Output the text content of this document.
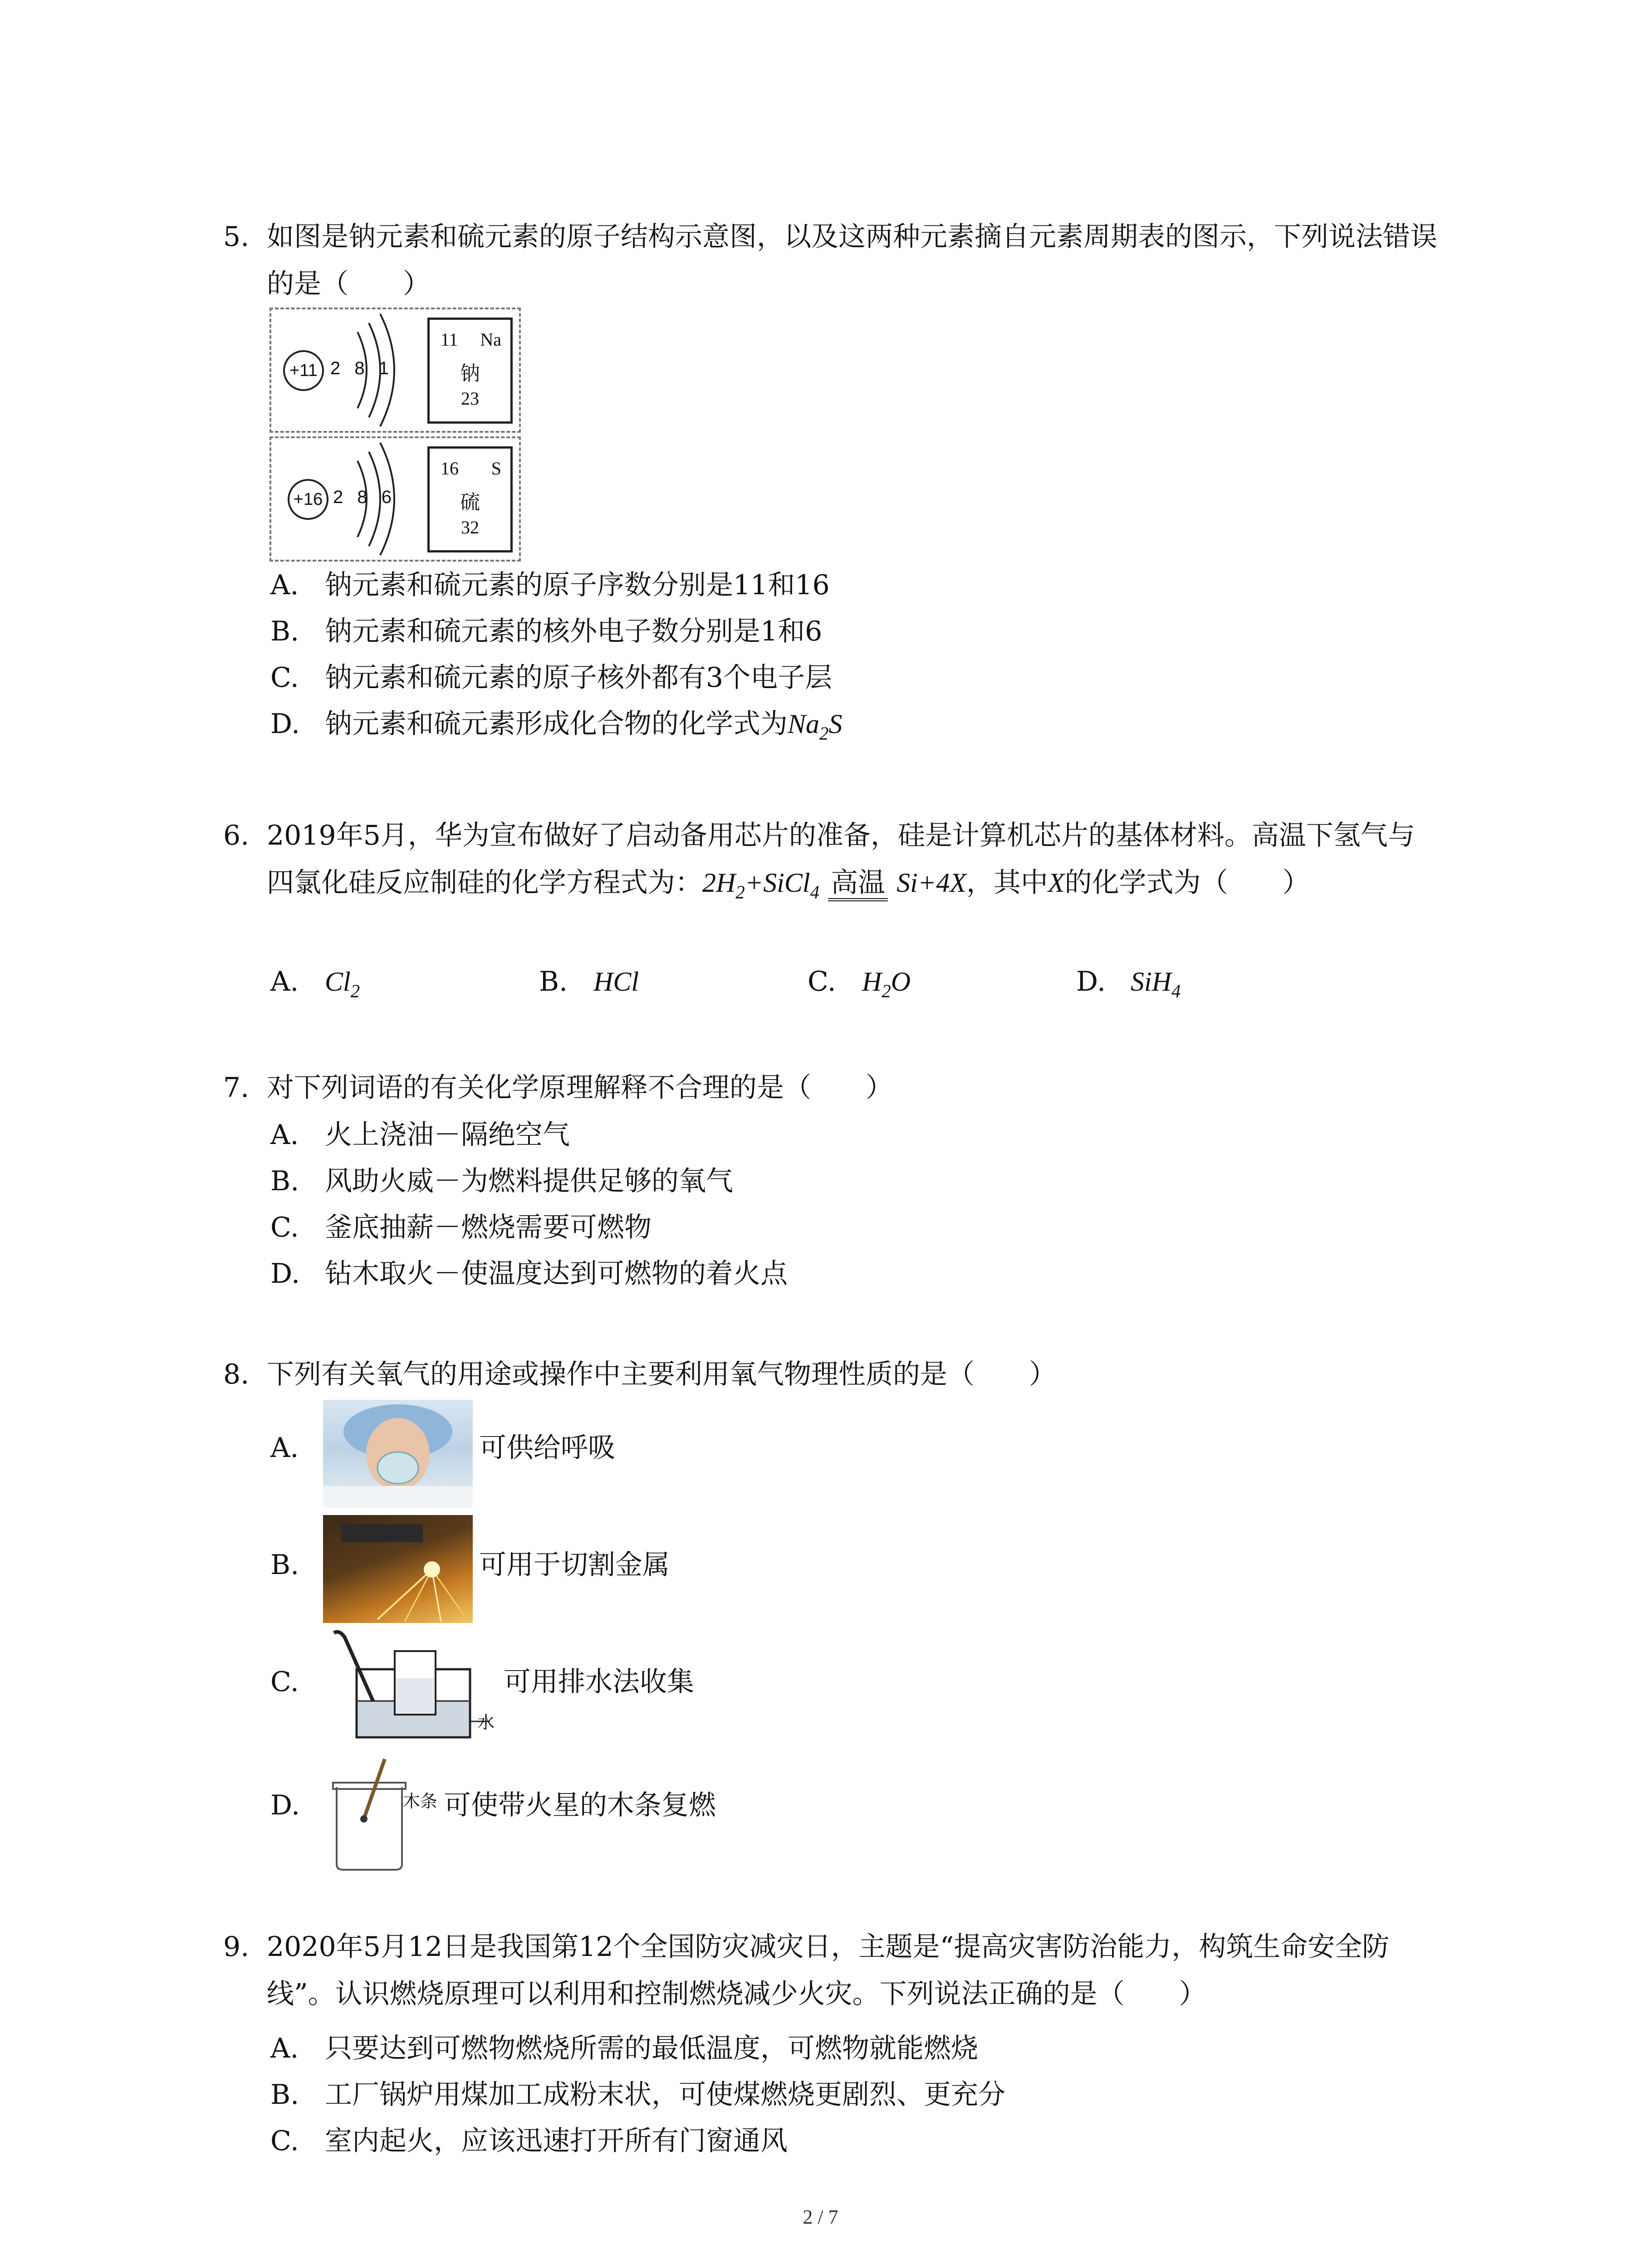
5. 如图是钠元素和硫元素的原子结构示意图，以及这两种元素摘自元素周期表的图示，下列说法错误的是（　　）
+11 2 8 1
11 Na
钠
23
+16 2 8 6
16 S
硫
32
A. 钠元素和硫元素的原子序数分别是11和16
B. 钠元素和硫元素的核外电子数分别是1和6
C. 钠元素和硫元素的原子核外都有3个电子层
D. 钠元素和硫元素形成化合物的化学式为 $Na_2S$
6. 2019年5月，华为宣布做好了启动备用芯片的准备，硅是计算机芯片的基体材料。高温下氢气与四氯化硅反应制硅的化学方程式为：$2H_2+SiCl_4$ 高温 Si+4X，其中X的化学式为（　　）
A. $Cl_2$	B. HCl	C. $H_2O$	D. SiH$_4$
7. 对下列词语的有关化学原理解释不合理的是（　　）
A. 火上浇油－隔绝空气
B. 风助火威－为燃料提供足够的氧气
C. 釜底抽薪－燃烧需要可燃物
D. 钻木取火－使温度达到可燃物的着火点
8. 下列有关氧气的用途或操作中主要利用氧气物理性质的是（　　）
A.	可供给呼吸
B.	可用于切割金属
C.
水
可用排水法收集
D.	木条 可使带火星的木条复燃
9. 2020年5月12日是我国第12个全国防灾减灾日，主题是“提高灾害防治能力，构筑生命安全防线”。认识燃烧原理可以利用和控制燃烧减少火灾。下列说法正确的是（　　）
A. 只要达到可燃物燃烧所需的最低温度，可燃物就能燃烧
B. 工厂锅炉用煤加工成粉末状，可使煤燃烧更剧烈、更充分
C. 室内起火，应该迅速打开所有门窗通风
2 / 7
